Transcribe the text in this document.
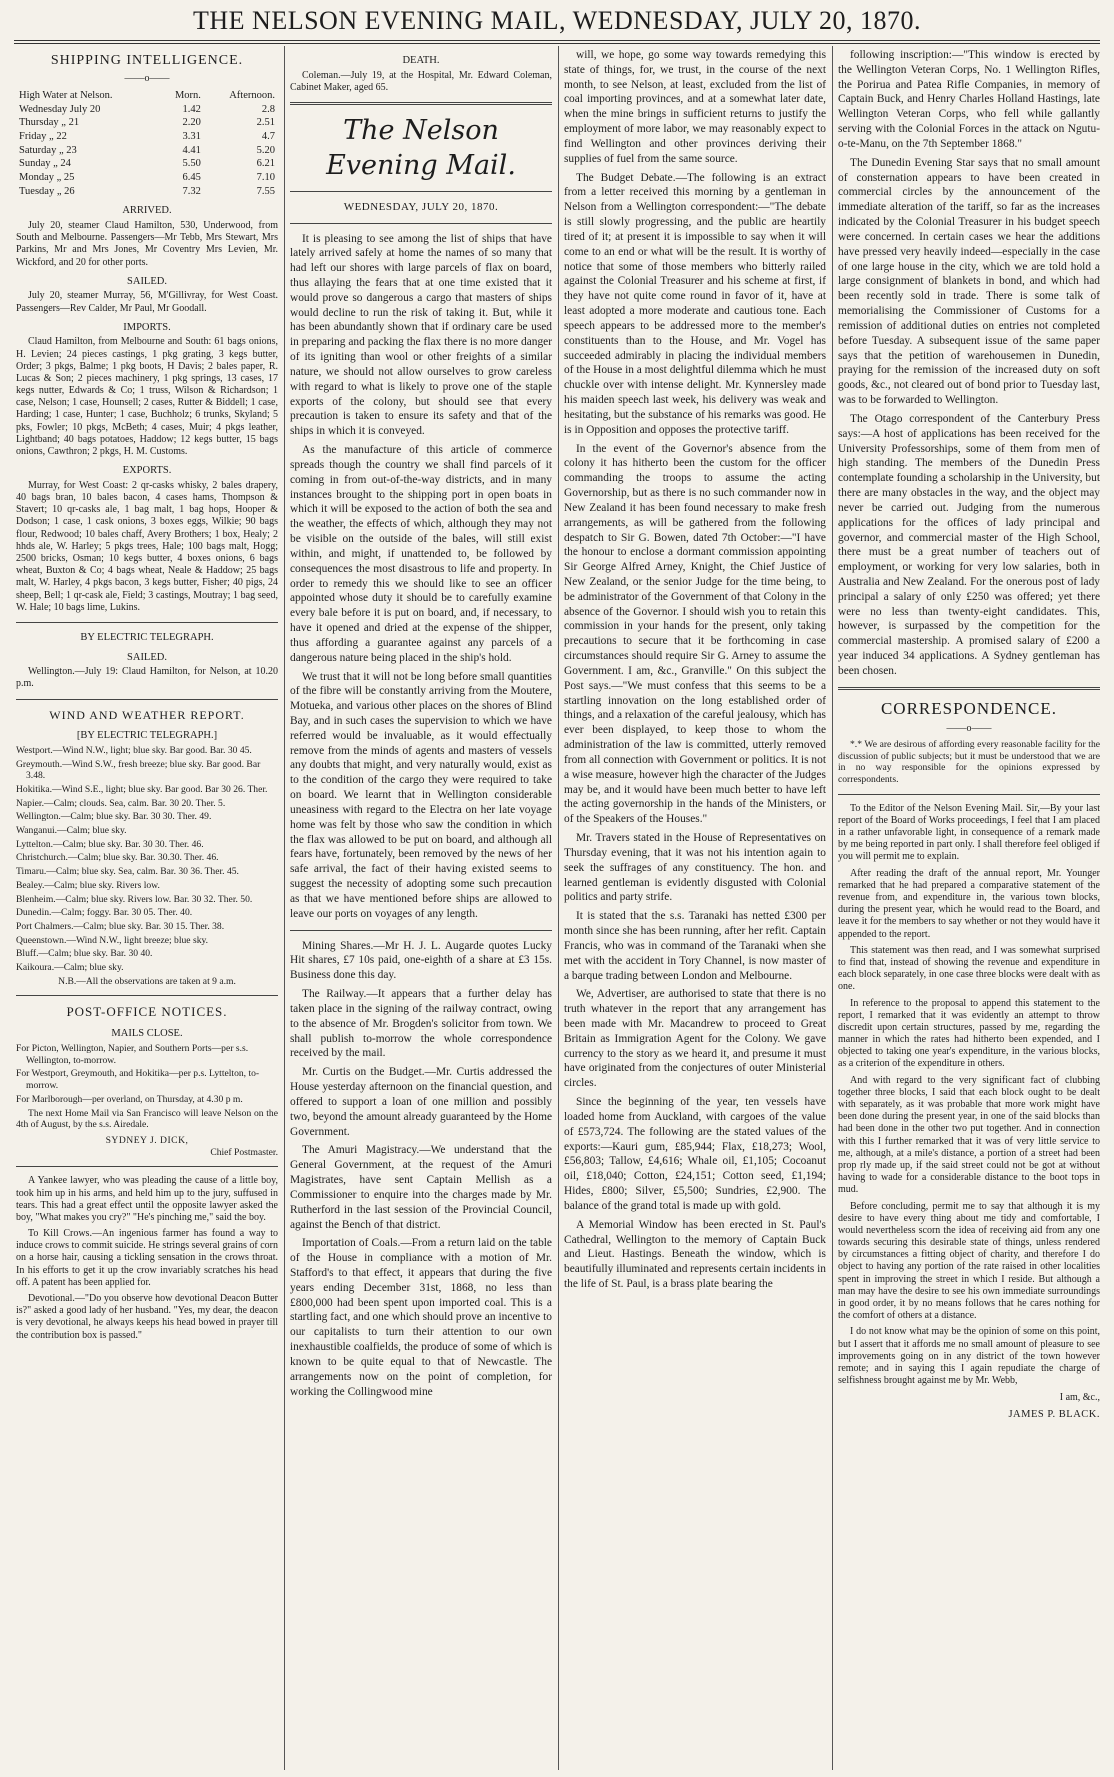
THE NELSON EVENING MAIL, WEDNESDAY, JULY 20, 1870.
SHIPPING INTELLIGENCE.
——o——
High Water at Nelson.	Morn.	Afternoon.
Wednesday July 20	1.42	2.8
Thursday „ 21	2.20	2.51
Friday „ 22	3.31	4.7
Saturday „ 23	4.41	5.20
Sunday „ 24	5.50	6.21
Monday „ 25	6.45	7.10
Tuesday „ 26	7.32	7.55
ARRIVED.

July 20, steamer Claud Hamilton, 530, Underwood, from South and Melbourne. Passengers—Mr Tebb, Mrs Stewart, Mrs Parkins, Mr and Mrs Jones, Mr Coventry Mrs Levien, Mr. Wickford, and 20 for other ports.

SAILED.

July 20, steamer Murray, 56, M'Gillivray, for West Coast. Passengers—Rev Calder, Mr Paul, Mr Goodall.

IMPORTS.

Claud Hamilton, from Melbourne and South: 61 bags onions, H. Levien; 24 pieces castings, 1 pkg grating, 3 kegs butter, Order; 3 pkgs, Balme; 1 pkg boots, H Davis; 2 bales paper, R. Lucas & Son; 2 pieces machinery, 1 pkg springs, 13 cases, 17 kegs nutter, Edwards & Co; 1 truss, Wilson & Richardson; 1 case, Nelson; 1 case, Hounsell; 2 cases, Rutter & Biddell; 1 case, Harding; 1 case, Hunter; 1 case, Buchholz; 6 trunks, Skyland; 5 pks, Fowler; 10 pkgs, McBeth; 4 cases, Muir; 4 pkgs leather, Lightband; 40 bags potatoes, Haddow; 12 kegs butter, 15 bags onions, Cawthron; 2 pkgs, H. M. Customs.

EXPORTS.

Murray, for West Coast: 2 qr-casks whisky, 2 bales drapery, 40 bags bran, 10 bales bacon, 4 cases hams, Thompson & Stavert; 10 qr-casks ale, 1 bag malt, 1 bag hops, Hooper & Dodson; 1 case, 1 cask onions, 3 boxes eggs, Wilkie; 90 bags flour, Redwood; 10 bales chaff, Avery Brothers; 1 box, Healy; 2 hhds ale, W. Harley; 5 pkgs trees, Hale; 100 bags malt, Hogg; 2500 bricks, Osman; 10 kegs butter, 4 boxes onions, 6 bags wheat, Buxton & Co; 4 bags wheat, Neale & Haddow; 25 bags malt, W. Harley, 4 pkgs bacon, 3 kegs butter, Fisher; 40 pigs, 24 sheep, Bell; 1 qr-cask ale, Field; 3 castings, Moutray; 1 bag seed, W. Hale; 10 bags lime, Lukins.

BY ELECTRIC TELEGRAPH.
SAILED.

Wellington.—July 19: Claud Hamilton, for Nelson, at 10.20 p.m.

WIND AND WEATHER REPORT.
[BY ELECTRIC TELEGRAPH.]
Westport.—Wind N.W., light; blue sky. Bar good. Bar. 30 45.
Greymouth.—Wind S.W., fresh breeze; blue sky. Bar good. Bar 3.48.
Hokitika.—Wind S.E., light; blue sky. Bar good. Bar 30 26. Ther.
Napier.—Calm; clouds. Sea, calm. Bar. 30 20. Ther. 5.
Wellington.—Calm; blue sky. Bar. 30 30. Ther. 49.
Wanganui.—Calm; blue sky.
Lyttelton.—Calm; blue sky. Bar. 30 30. Ther. 46.
Christchurch.—Calm; blue sky. Bar. 30.30. Ther. 46.
Timaru.—Calm; blue sky. Sea, calm. Bar. 30 36. Ther. 45.
Bealey.—Calm; blue sky. Rivers low.
Blenheim.—Calm; blue sky. Rivers low. Bar. 30 32. Ther. 50.
Dunedin.—Calm; foggy. Bar. 30 05. Ther. 40.
Port Chalmers.—Calm; blue sky. Bar. 30 15. Ther. 38.
Queenstown.—Wind N.W., light breeze; blue sky.
Bluff.—Calm; blue sky. Bar. 30 40.
Kaikoura.—Calm; blue sky.
N.B.—All the observations are taken at 9 a.m.
POST-OFFICE NOTICES.
MAILS CLOSE.
For Picton, Wellington, Napier, and Southern Ports—per s.s. Wellington, to-morrow.
For Westport, Greymouth, and Hokitika—per p.s. Lyttelton, to-morrow.
For Marlborough—per overland, on Thursday, at 4.30 p m.

The next Home Mail via San Francisco will leave Nelson on the 4th of August, by the s.s. Airedale.

SYDNEY J. DICK,
Chief Postmaster.

A Yankee lawyer, who was pleading the cause of a little boy, took him up in his arms, and held him up to the jury, suffused in tears. This had a great effect until the opposite lawyer asked the boy, "What makes you cry?" "He's pinching me," said the boy.

To Kill Crows.—An ingenious farmer has found a way to induce crows to commit suicide. He strings several grains of corn on a horse hair, causing a tickling sensation in the crows throat. In his efforts to get it up the crow invariably scratches his head off. A patent has been applied for.

Devotional.—"Do you observe how devotional Deacon Butter is?" asked a good lady of her husband. "Yes, my dear, the deacon is very devotional, he always keeps his head bowed in prayer till the contribution box is passed."

DEATH.

Coleman.—July 19, at the Hospital, Mr. Edward Coleman, Cabinet Maker, aged 65.

The Nelson Evening Mail.
WEDNESDAY, JULY 20, 1870.

It is pleasing to see among the list of ships that have lately arrived safely at home the names of so many that had left our shores with large parcels of flax on board, thus allaying the fears that at one time existed that it would prove so dangerous a cargo that masters of ships would decline to run the risk of taking it. But, while it has been abundantly shown that if ordinary care be used in preparing and packing the flax there is no more danger of its igniting than wool or other freights of a similar nature, we should not allow ourselves to grow careless with regard to what is likely to prove one of the staple exports of the colony, but should see that every precaution is taken to ensure its safety and that of the ships in which it is conveyed.

As the manufacture of this article of commerce spreads though the country we shall find parcels of it coming in from out-of-the-way districts, and in many instances brought to the shipping port in open boats in which it will be exposed to the action of both the sea and the weather, the effects of which, although they may not be visible on the outside of the bales, will still exist within, and might, if unattended to, be followed by consequences the most disastrous to life and property. In order to remedy this we should like to see an officer appointed whose duty it should be to carefully examine every bale before it is put on board, and, if necessary, to have it opened and dried at the expense of the shipper, thus affording a guarantee against any parcels of a dangerous nature being placed in the ship's hold.

We trust that it will not be long before small quantities of the fibre will be constantly arriving from the Moutere, Motueka, and various other places on the shores of Blind Bay, and in such cases the supervision to which we have referred would be invaluable, as it would effectually remove from the minds of agents and masters of vessels any doubts that might, and very naturally would, exist as to the condition of the cargo they were required to take on board. We learnt that in Wellington considerable uneasiness with regard to the Electra on her late voyage home was felt by those who saw the condition in which the flax was allowed to be put on board, and although all fears have, fortunately, been removed by the news of her safe arrival, the fact of their having existed seems to suggest the necessity of adopting some such precaution as that we have mentioned before ships are allowed to leave our ports on voyages of any length.

Mining Shares.—Mr H. J. L. Augarde quotes Lucky Hit shares, £7 10s paid, one-eighth of a share at £3 15s. Business done this day.

The Railway.—It appears that a further delay has taken place in the signing of the railway contract, owing to the absence of Mr. Brogden's solicitor from town. We shall publish to-morrow the whole correspondence received by the mail.

Mr. Curtis on the Budget.—Mr. Curtis addressed the House yesterday afternoon on the financial question, and offered to support a loan of one million and possibly two, beyond the amount already guaranteed by the Home Government.

The Amuri Magistracy.—We understand that the General Government, at the request of the Amuri Magistrates, have sent Captain Mellish as a Commissioner to enquire into the charges made by Mr. Rutherford in the last session of the Provincial Council, against the Bench of that district.

Importation of Coals.—From a return laid on the table of the House in compliance with a motion of Mr. Stafford's to that effect, it appears that during the five years ending December 31st, 1868, no less than £800,000 had been spent upon imported coal. This is a startling fact, and one which should prove an incentive to our capitalists to turn their attention to our own inexhaustible coalfields, the produce of some of which is known to be quite equal to that of Newcastle. The arrangements now on the point of completion, for working the Collingwood mine

will, we hope, go some way towards remedying this state of things, for, we trust, in the course of the next month, to see Nelson, at least, excluded from the list of coal importing provinces, and at a somewhat later date, when the mine brings in sufficient returns to justify the employment of more labor, we may reasonably expect to find Wellington and other provinces deriving their supplies of fuel from the same source.

The Budget Debate.—The following is an extract from a letter received this morning by a gentleman in Nelson from a Wellington correspondent:—"The debate is still slowly progressing, and the public are heartily tired of it; at present it is impossible to say when it will come to an end or what will be the result. It is worthy of notice that some of those members who bitterly railed against the Colonial Treasurer and his scheme at first, if they have not quite come round in favor of it, have at least adopted a more moderate and cautious tone. Each speech appears to be addressed more to the member's constituents than to the House, and Mr. Vogel has succeeded admirably in placing the individual members of the House in a most delightful dilemma which he must chuckle over with intense delight. Mr. Kynnersley made his maiden speech last week, his delivery was weak and hesitating, but the substance of his remarks was good. He is in Opposition and opposes the protective tariff.

In the event of the Governor's absence from the colony it has hitherto been the custom for the officer commanding the troops to assume the acting Governorship, but as there is no such commander now in New Zealand it has been found necessary to make fresh arrangements, as will be gathered from the following despatch to Sir G. Bowen, dated 7th October:—"I have the honour to enclose a dormant commission appointing Sir George Alfred Arney, Knight, the Chief Justice of New Zealand, or the senior Judge for the time being, to be administrator of the Government of that Colony in the absence of the Governor. I should wish you to retain this commission in your hands for the present, only taking precautions to secure that it be forthcoming in case circumstances should require Sir G. Arney to assume the Government. I am, &c., Granville." On this subject the Post says.—"We must confess that this seems to be a startling innovation on the long established order of things, and a relaxation of the careful jealousy, which has ever been displayed, to keep those to whom the administration of the law is committed, utterly removed from all connection with Government or politics. It is not a wise measure, however high the character of the Judges may be, and it would have been much better to have left the acting governorship in the hands of the Ministers, or of the Speakers of the Houses."

Mr. Travers stated in the House of Representatives on Thursday evening, that it was not his intention again to seek the suffrages of any constituency. The hon. and learned gentleman is evidently disgusted with Colonial politics and party strife.

It is stated that the s.s. Taranaki has netted £300 per month since she has been running, after her refit. Captain Francis, who was in command of the Taranaki when she met with the accident in Tory Channel, is now master of a barque trading between London and Melbourne.

We, Advertiser, are authorised to state that there is no truth whatever in the report that any arrangement has been made with Mr. Macandrew to proceed to Great Britain as Immigration Agent for the Colony. We gave currency to the story as we heard it, and presume it must have originated from the conjectures of outer Ministerial circles.

Since the beginning of the year, ten vessels have loaded home from Auckland, with cargoes of the value of £573,724. The following are the stated values of the exports:—Kauri gum, £85,944; Flax, £18,273; Wool, £56,803; Tallow, £4,616; Whale oil, £1,105; Cocoanut oil, £18,040; Cotton, £24,151; Cotton seed, £1,194; Hides, £800; Silver, £5,500; Sundries, £2,900. The balance of the grand total is made up with gold.

A Memorial Window has been erected in St. Paul's Cathedral, Wellington to the memory of Captain Buck and Lieut. Hastings. Beneath the window, which is beautifully illuminated and represents certain incidents in the life of St. Paul, is a brass plate bearing the

following inscription:—"This window is erected by the Wellington Veteran Corps, No. 1 Wellington Rifles, the Porirua and Patea Rifle Companies, in memory of Captain Buck, and Henry Charles Holland Hastings, late Wellington Veteran Corps, who fell while gallantly serving with the Colonial Forces in the attack on Ngutu-o-te-Manu, on the 7th September 1868."

The Dunedin Evening Star says that no small amount of consternation appears to have been created in commercial circles by the announcement of the immediate alteration of the tariff, so far as the increases indicated by the Colonial Treasurer in his budget speech were concerned. In certain cases we hear the additions have pressed very heavily indeed—especially in the case of one large house in the city, which we are told hold a large consignment of blankets in bond, and which had been recently sold in trade. There is some talk of memorialising the Commissioner of Customs for a remission of additional duties on entries not completed before Tuesday. A subsequent issue of the same paper says that the petition of warehousemen in Dunedin, praying for the remission of the increased duty on soft goods, &c., not cleared out of bond prior to Tuesday last, was to be forwarded to Wellington.

The Otago correspondent of the Canterbury Press says:—A host of applications has been received for the University Professorships, some of them from men of high standing. The members of the Dunedin Press contemplate founding a scholarship in the University, but there are many obstacles in the way, and the object may never be carried out. Judging from the numerous applications for the offices of lady principal and governor, and commercial master of the High School, there must be a great number of teachers out of employment, or working for very low salaries, both in Australia and New Zealand. For the onerous post of lady principal a salary of only £250 was offered; yet there were no less than twenty-eight candidates. This, however, is surpassed by the competition for the commercial mastership. A promised salary of £200 a year induced 34 applications. A Sydney gentleman has been chosen.

CORRESPONDENCE.
——o——

*.* We are desirous of affording every reasonable facility for the discussion of public subjects; but it must be understood that we are in no way responsible for the opinions expressed by correspondents.

To the Editor of the Nelson Evening Mail. Sir,—By your last report of the Board of Works proceedings, I feel that I am placed in a rather unfavorable light, in consequence of a remark made by me being reported in part only. I shall therefore feel obliged if you will permit me to explain.

After reading the draft of the annual report, Mr. Younger remarked that he had prepared a comparative statement of the revenue from, and expenditure in, the various town blocks, during the present year, which he would read to the Board, and leave it for the members to say whether or not they would have it appended to the report.

This statement was then read, and I was somewhat surprised to find that, instead of showing the revenue and expenditure in each block separately, in one case three blocks were dealt with as one.

In reference to the proposal to append this statement to the report, I remarked that it was evidently an attempt to throw discredit upon certain structures, passed by me, regarding the manner in which the rates had hitherto been expended, and I objected to taking one year's expenditure, in the various blocks, as a criterion of the expenditure in others.

And with regard to the very significant fact of clubbing together three blocks, I said that each block ought to be dealt with separately, as it was probable that more work might have been done during the present year, in one of the said blocks than had been done in the other two put together. And in connection with this I further remarked that it was of very little service to me, although, at a mile's distance, a portion of a street had been prop rly made up, if the said street could not be got at without having to wade for a considerable distance to the boot tops in mud.

Before concluding, permit me to say that although it is my desire to have every thing about me tidy and comfortable, I would nevertheless scorn the idea of receiving aid from any one towards securing this desirable state of things, unless rendered by circumstances a fitting object of charity, and therefore I do object to having any portion of the rate raised in other localities spent in improving the street in which I reside. But although a man may have the desire to see his own immediate surroundings in good order, it by no means follows that he cares nothing for the comfort of others at a distance.

I do not know what may be the opinion of some on this point, but I assert that it affords me no small amount of pleasure to see improvements going on in any district of the town however remote; and in saying this I again repudiate the charge of selfishness brought against me by Mr. Webb,

I am, &c.,
JAMES P. BLACK.
